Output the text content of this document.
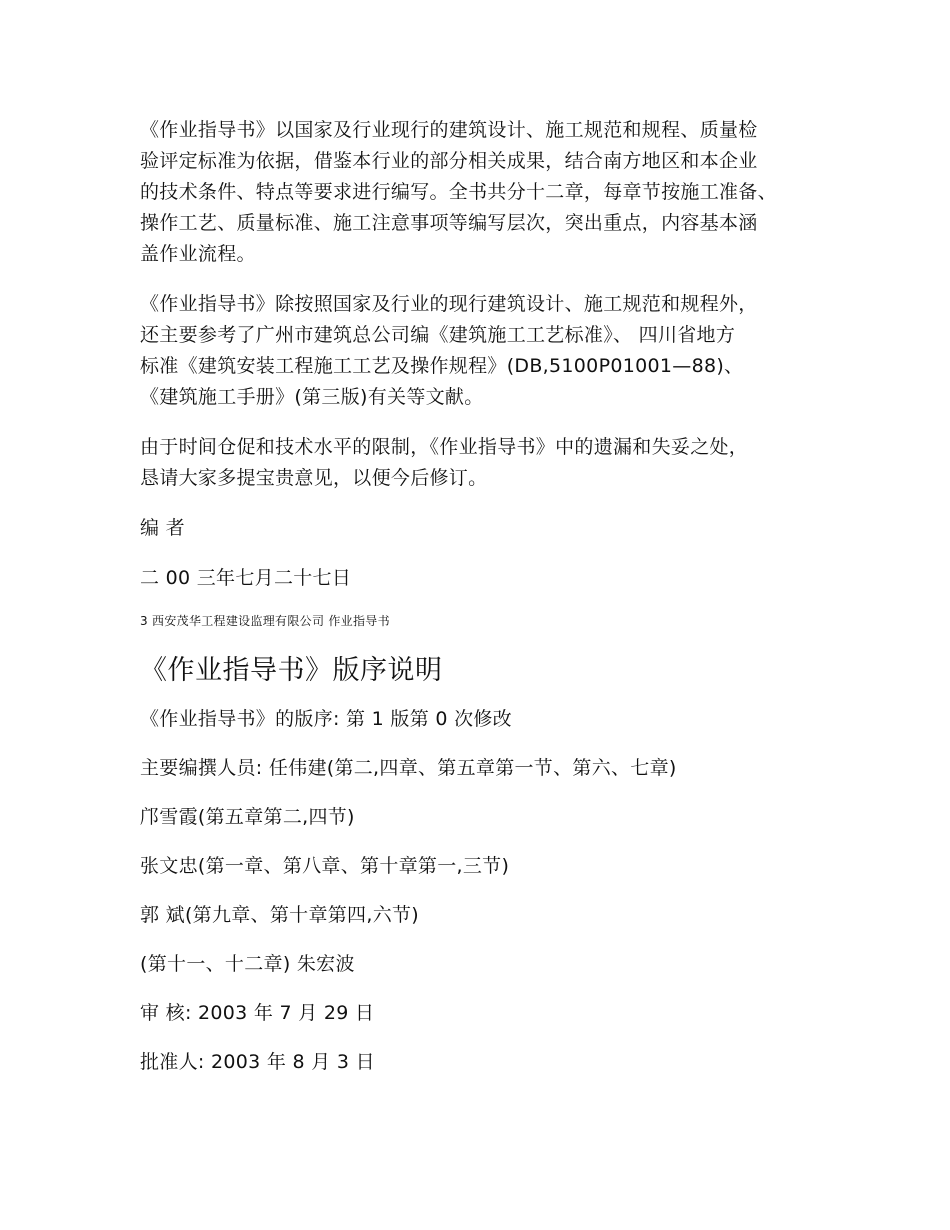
《作业指导书》以国家及行业现行的建筑设计、施工规范和规程、质量检
验评定标准为依据，借鉴本行业的部分相关成果，结合南方地区和本企业
的技术条件、特点等要求进行编写。全书共分十二章，每章节按施工准备、
操作工艺、质量标准、施工注意事项等编写层次，突出重点，内容基本涵
盖作业流程。
《作业指导书》除按照国家及行业的现行建筑设计、施工规范和规程外，
还主要参考了广州市建筑总公司编《建筑施工工艺标准》、 四川省地方
标准《建筑安装工程施工工艺及操作规程》(DB,5100P01001—88)、
《建筑施工手册》(第三版)有关等文献。
由于时间仓促和技术水平的限制，《作业指导书》中的遗漏和失妥之处，
恳请大家多提宝贵意见，以便今后修订。
编 者
二 00 三年七月二十七日
3 西安茂华工程建设监理有限公司 作业指导书
《作业指导书》版序说明
《作业指导书》的版序: 第 1 版第 0 次修改
主要编撰人员: 任伟建(第二,四章、第五章第一节、第六、七章)
邝雪霞(第五章第二,四节)
张文忠(第一章、第八章、第十章第一,三节)
郭 斌(第九章、第十章第四,六节)
(第十一、十二章) 朱宏波
审 核: 2003 年 7 月 29 日
批准人: 2003 年 8 月 3 日
